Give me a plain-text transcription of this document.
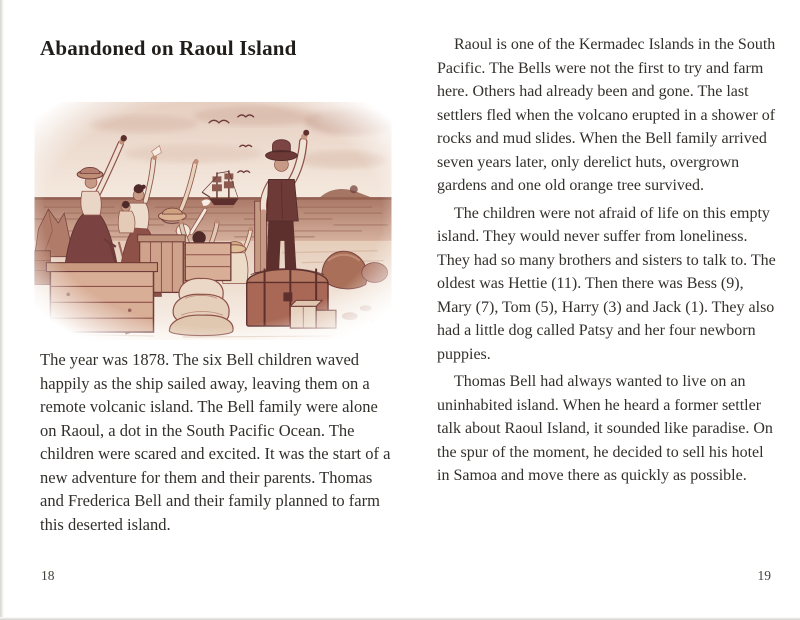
Abandoned on Raoul Island

The year was 1878. The six Bell children waved happily as the ship sailed away, leaving them on a remote volcanic island. The Bell family were alone on Raoul, a dot in the South Pacific Ocean. The children were scared and excited. It was the start of a new adventure for them and their parents. Thomas and Frederica Bell and their family planned to farm this deserted island.

18

Raoul is one of the Kermadec Islands in the South Pacific. The Bells were not the first to try and farm here. Others had already been and gone. The last settlers fled when the volcano erupted in a shower of rocks and mud slides. When the Bell family arrived seven years later, only derelict huts, overgrown gardens and one old orange tree survived.

The children were not afraid of life on this empty island. They would never suffer from loneliness. They had so many brothers and sisters to talk to. The oldest was Hettie (11). Then there was Bess (9), Mary (7), Tom (5), Harry (3) and Jack (1). They also had a little dog called Patsy and her four newborn puppies.

Thomas Bell had always wanted to live on an uninhabited island. When he heard a former settler talk about Raoul Island, it sounded like paradise. On the spur of the moment, he decided to sell his hotel in Samoa and move there as quickly as possible.

19
